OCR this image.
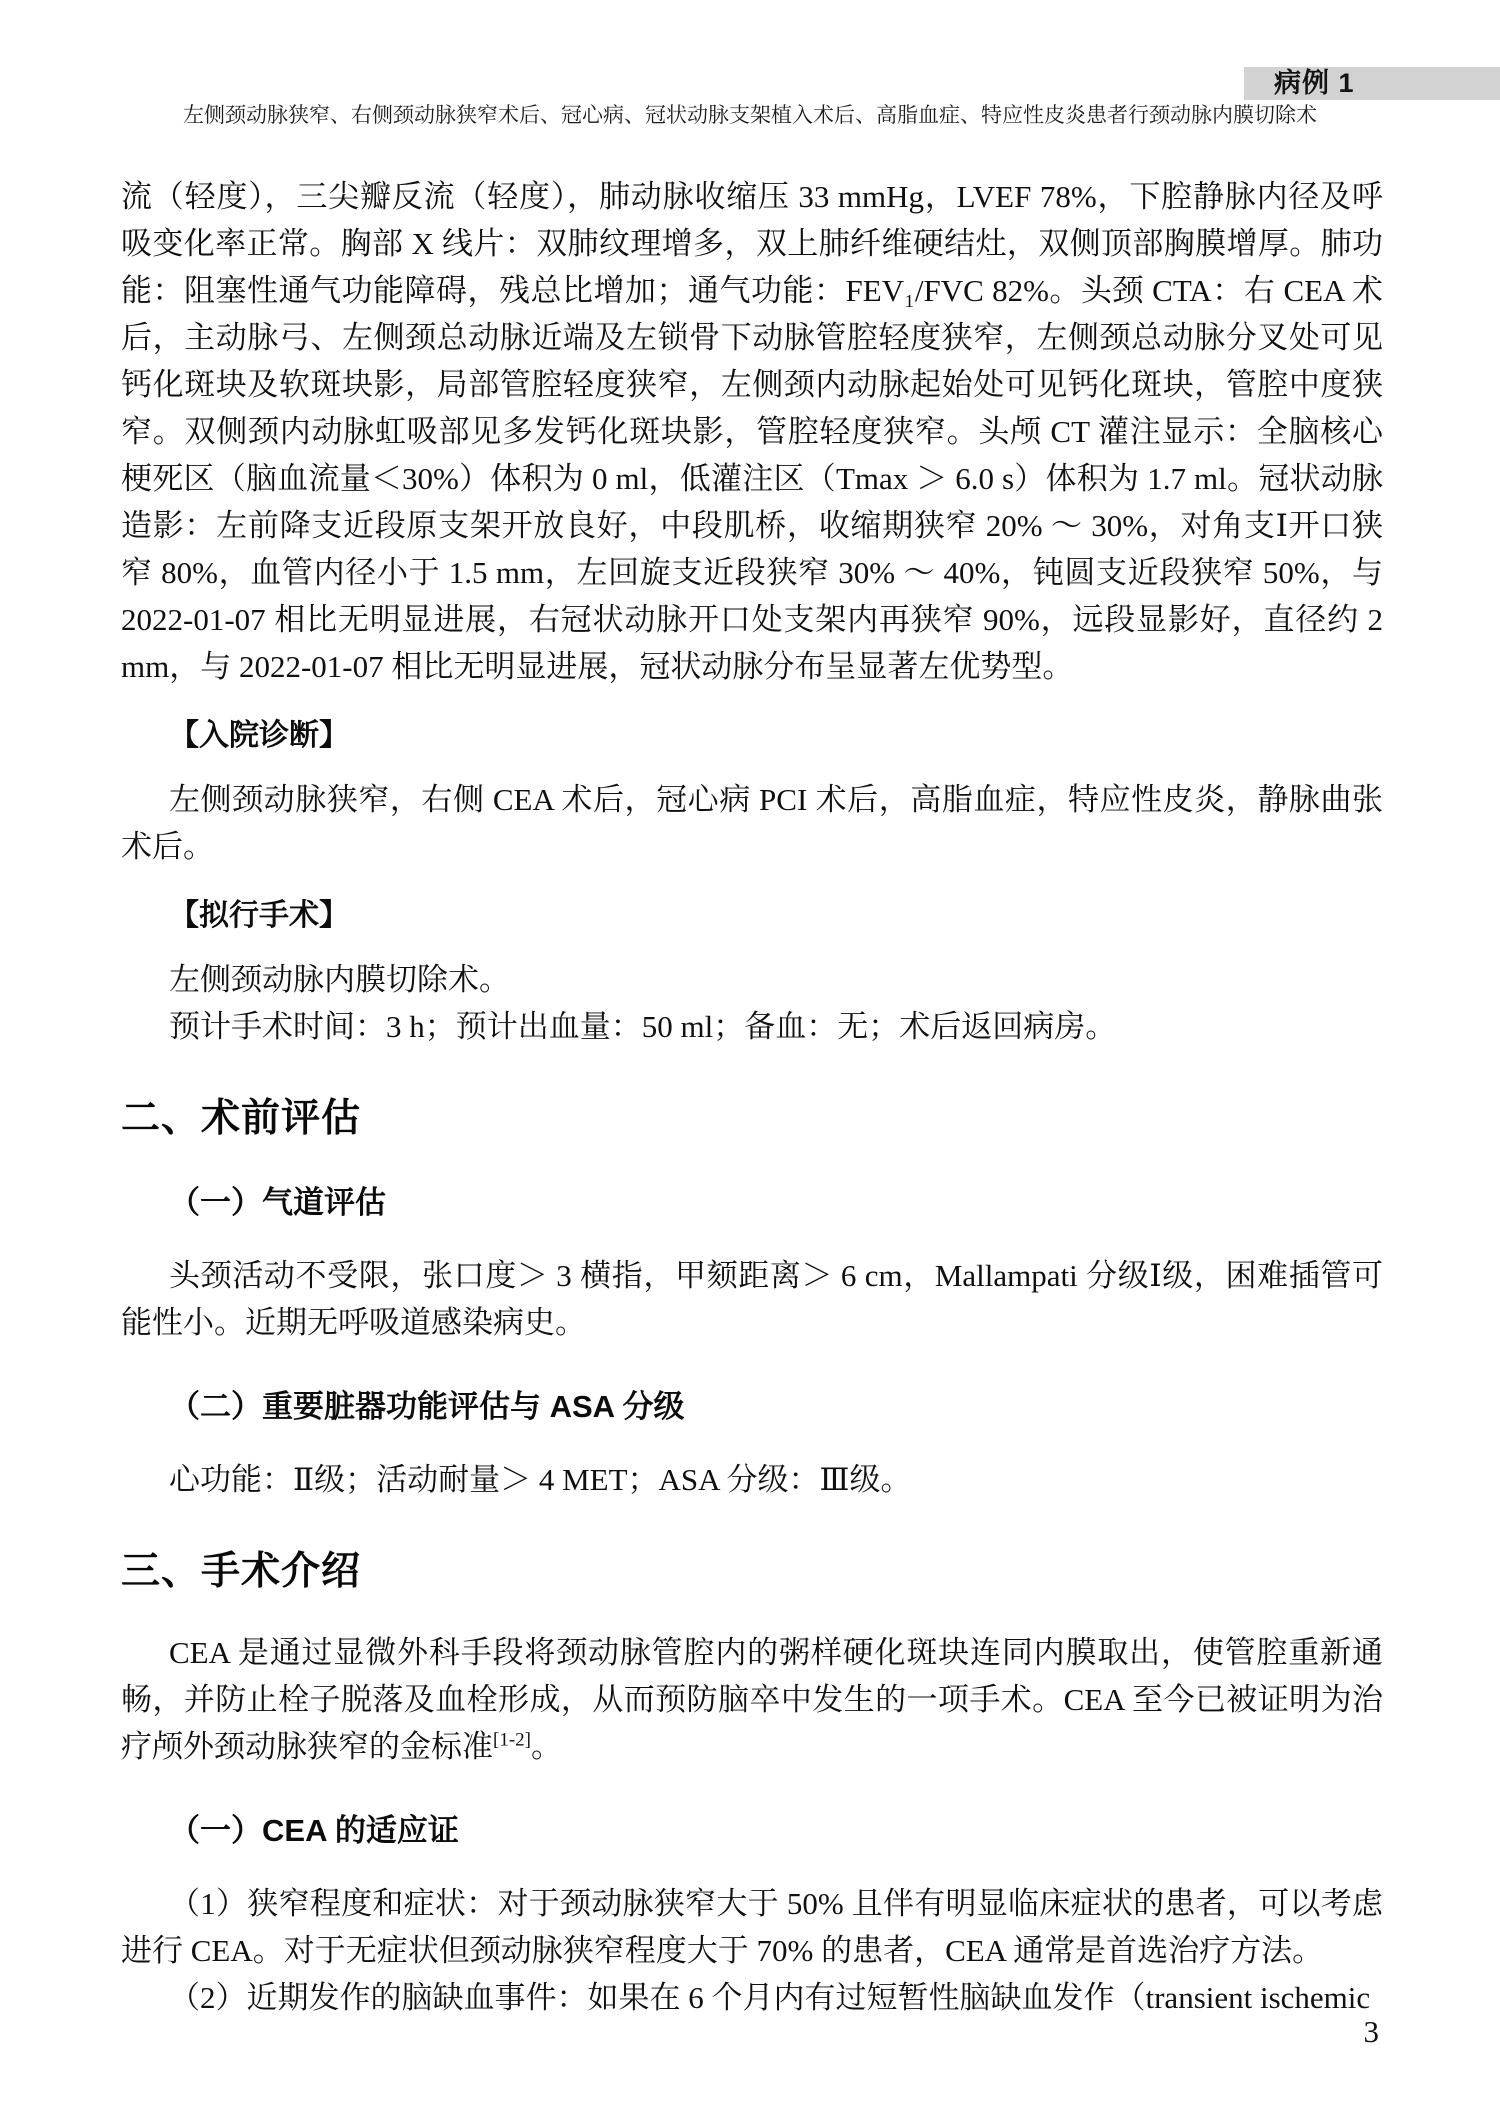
病例 1
左侧颈动脉狭窄、右侧颈动脉狭窄术后、冠心病、冠状动脉支架植入术后、高脂血症、特应性皮炎患者行颈动脉内膜切除术

流（轻度），三尖瓣反流（轻度），肺动脉收缩压 33 mmHg，LVEF 78%，下腔静脉内径及呼吸变化率正常。胸部 X 线片：双肺纹理增多，双上肺纤维硬结灶，双侧顶部胸膜增厚。肺功能：阻塞性通气功能障碍，残总比增加；通气功能：FEV₁/FVC 82%。头颈 CTA：右 CEA 术后，主动脉弓、左侧颈总动脉近端及左锁骨下动脉管腔轻度狭窄，左侧颈总动脉分叉处可见钙化斑块及软斑块影，局部管腔轻度狭窄，左侧颈内动脉起始处可见钙化斑块，管腔中度狭窄。双侧颈内动脉虹吸部见多发钙化斑块影，管腔轻度狭窄。头颅 CT 灌注显示：全脑核心梗死区（脑血流量＜30%）体积为 0 ml，低灌注区（Tmax ＞ 6.0 s）体积为 1.7 ml。冠状动脉造影：左前降支近段原支架开放良好，中段肌桥，收缩期狭窄 20% ～ 30%，对角支Ⅰ开口狭窄 80%，血管内径小于 1.5 mm，左回旋支近段狭窄 30% ～ 40%，钝圆支近段狭窄 50%，与 2022-01-07 相比无明显进展，右冠状动脉开口处支架内再狭窄 90%，远段显影好，直径约 2 mm，与 2022-01-07 相比无明显进展，冠状动脉分布呈显著左优势型。

【入院诊断】

左侧颈动脉狭窄，右侧 CEA 术后，冠心病 PCI 术后，高脂血症，特应性皮炎，静脉曲张术后。

【拟行手术】

左侧颈动脉内膜切除术。

预计手术时间：3 h；预计出血量：50 ml；备血：无；术后返回病房。

二、术前评估
（一）气道评估

头颈活动不受限，张口度＞ 3 横指，甲颏距离＞ 6 cm，Mallampati 分级Ⅰ级，困难插管可能性小。近期无呼吸道感染病史。

（二）重要脏器功能评估与 ASA 分级

心功能：Ⅱ级；活动耐量＞ 4 MET；ASA 分级：Ⅲ级。

三、手术介绍

CEA 是通过显微外科手段将颈动脉管腔内的粥样硬化斑块连同内膜取出，使管腔重新通畅，并防止栓子脱落及血栓形成，从而预防脑卒中发生的一项手术。CEA 至今已被证明为治疗颅外颈动脉狭窄的金标准[1-2]。

（一）CEA 的适应证

（1）狭窄程度和症状：对于颈动脉狭窄大于 50% 且伴有明显临床症状的患者，可以考虑进行 CEA。对于无症状但颈动脉狭窄程度大于 70% 的患者，CEA 通常是首选治疗方法。

（2）近期发作的脑缺血事件：如果在 6 个月内有过短暂性脑缺血发作（transient ischemic

3
